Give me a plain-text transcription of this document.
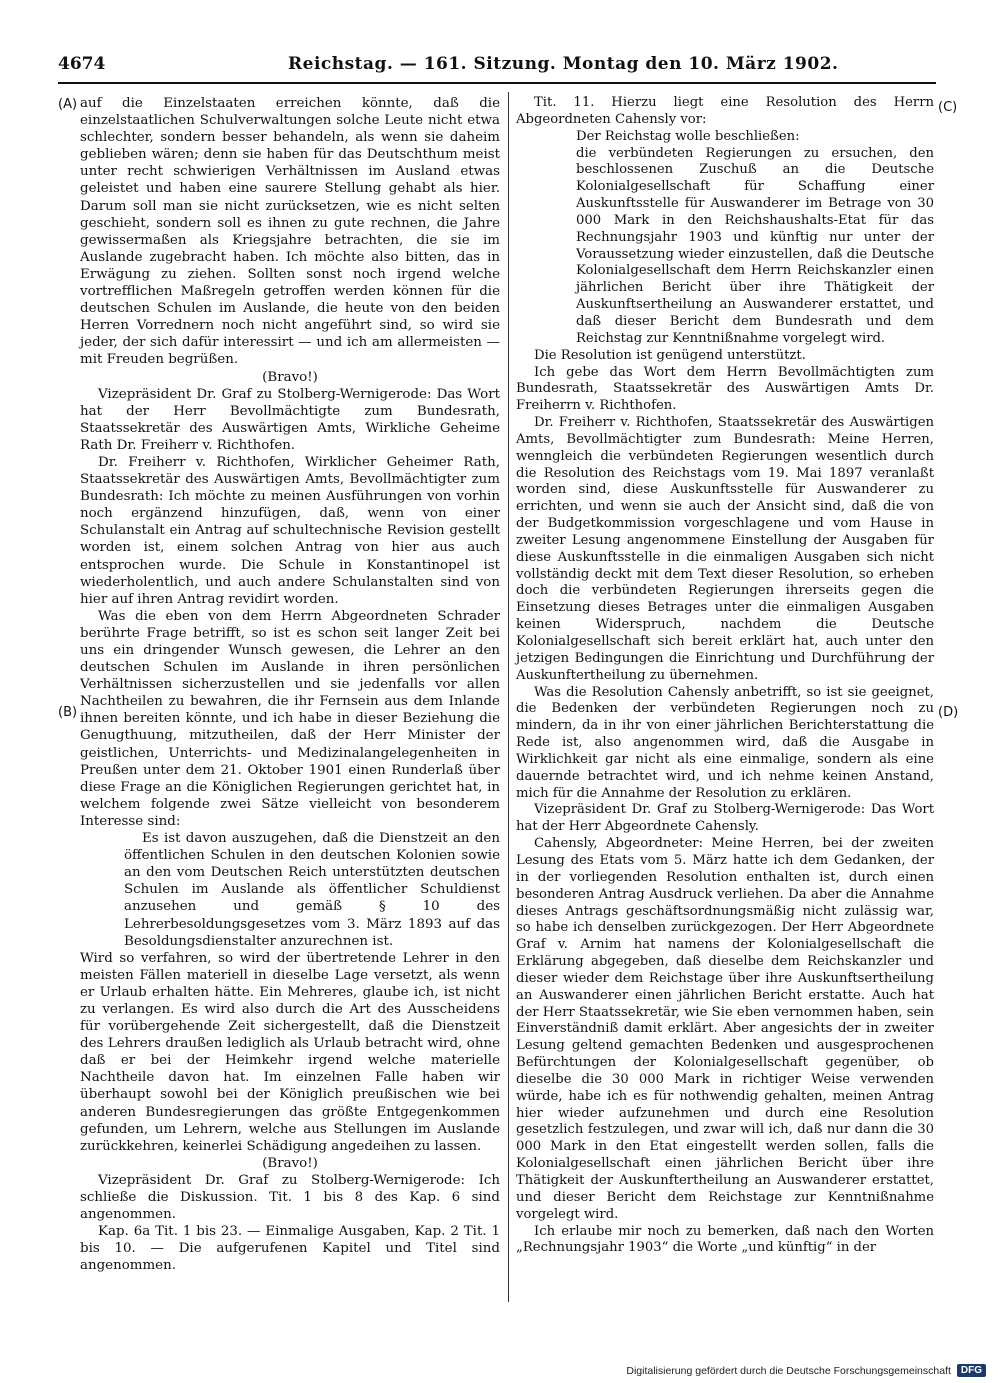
4674	Reichstag. — 161. Sitzung. Montag den 10. März 1902.
(A)
(B)
(C)
(D)

auf die Einzelstaaten erreichen könnte, daß die einzelstaatlichen Schulverwaltungen solche Leute nicht etwa schlechter, sondern besser behandeln, als wenn sie daheim geblieben wären; denn sie haben für das Deutschthum meist unter recht schwierigen Verhältnissen im Ausland etwas geleistet und haben eine saurere Stellung gehabt als hier. Darum soll man sie nicht zurücksetzen, wie es nicht selten geschieht, sondern soll es ihnen zu gute rechnen, die Jahre gewissermaßen als Kriegsjahre betrachten, die sie im Auslande zugebracht haben. Ich möchte also bitten, das in Erwägung zu ziehen. Sollten sonst noch irgend welche vortrefflichen Maßregeln getroffen werden können für die deutschen Schulen im Auslande, die heute von den beiden Herren Vorrednern noch nicht angeführt sind, so wird sie jeder, der sich dafür interessirt — und ich am allermeisten — mit Freuden begrüßen.

(Bravo!)

Vizepräsident Dr. Graf zu Stolberg-Wernigerode: Das Wort hat der Herr Bevollmächtigte zum Bundesrath, Staatssekretär des Auswärtigen Amts, Wirkliche Geheime Rath Dr. Freiherr v. Richthofen.

Dr. Freiherr v. Richthofen, Wirklicher Geheimer Rath, Staatssekretär des Auswärtigen Amts, Bevollmächtigter zum Bundesrath: Ich möchte zu meinen Ausführungen von vorhin noch ergänzend hinzufügen, daß, wenn von einer Schulanstalt ein Antrag auf schultechnische Revision gestellt worden ist, einem solchen Antrag von hier aus auch entsprochen wurde. Die Schule in Konstantinopel ist wiederholentlich, und auch andere Schulanstalten sind von hier auf ihren Antrag revidirt worden.

Was die eben von dem Herrn Abgeordneten Schrader berührte Frage betrifft, so ist es schon seit langer Zeit bei uns ein dringender Wunsch gewesen, die Lehrer an den deutschen Schulen im Auslande in ihren persönlichen Verhältnissen sicherzustellen und sie jedenfalls vor allen Nachtheilen zu bewahren, die ihr Fernsein aus dem Inlande ihnen bereiten könnte, und ich habe in dieser Beziehung die Genugthuung, mitzutheilen, daß der Herr Minister der geistlichen, Unterrichts- und Medizinalangelegenheiten in Preußen unter dem 21. Oktober 1901 einen Runderlaß über diese Frage an die Königlichen Regierungen gerichtet hat, in welchem folgende zwei Sätze vielleicht von besonderem Interesse sind:

Es ist davon auszugehen, daß die Dienstzeit an den öffentlichen Schulen in den deutschen Kolonien sowie an den vom Deutschen Reich unterstützten deutschen Schulen im Auslande als öffentlicher Schuldienst anzusehen und gemäß § 10 des Lehrerbesoldungsgesetzes vom 3. März 1893 auf das Besoldungsdienstalter anzurechnen ist.

Wird so verfahren, so wird der übertretende Lehrer in den meisten Fällen materiell in dieselbe Lage versetzt, als wenn er Urlaub erhalten hätte. Ein Mehreres, glaube ich, ist nicht zu verlangen. Es wird also durch die Art des Ausscheidens für vorübergehende Zeit sichergestellt, daß die Dienstzeit des Lehrers draußen lediglich als Urlaub betracht wird, ohne daß er bei der Heimkehr irgend welche materielle Nachtheile davon hat. Im einzelnen Falle haben wir überhaupt sowohl bei der Königlich preußischen wie bei anderen Bundesregierungen das größte Entgegenkommen gefunden, um Lehrern, welche aus Stellungen im Auslande zurückkehren, keinerlei Schädigung angedeihen zu lassen.

(Bravo!)

Vizepräsident Dr. Graf zu Stolberg-Wernigerode: Ich schließe die Diskussion. Tit. 1 bis 8 des Kap. 6 sind angenommen.

Kap. 6a Tit. 1 bis 23. — Einmalige Ausgaben, Kap. 2 Tit. 1 bis 10. — Die aufgerufenen Kapitel und Titel sind angenommen.

Tit. 11. Hierzu liegt eine Resolution des Herrn Abgeordneten Cahensly vor:

Der Reichstag wolle beschließen:

die verbündeten Regierungen zu ersuchen, den beschlossenen Zuschuß an die Deutsche Kolonialgesellschaft für Schaffung einer Auskunftsstelle für Auswanderer im Betrage von 30 000 Mark in den Reichshaushalts-Etat für das Rechnungsjahr 1903 und künftig nur unter der Voraussetzung wieder einzustellen, daß die Deutsche Kolonialgesellschaft dem Herrn Reichskanzler einen jährlichen Bericht über ihre Thätigkeit der Auskunftsertheilung an Auswanderer erstattet, und daß dieser Bericht dem Bundesrath und dem Reichstag zur Kenntnißnahme vorgelegt wird.

Die Resolution ist genügend unterstützt.

Ich gebe das Wort dem Herrn Bevollmächtigten zum Bundesrath, Staatssekretär des Auswärtigen Amts Dr. Freiherrn v. Richthofen.

Dr. Freiherr v. Richthofen, Staatssekretär des Auswärtigen Amts, Bevollmächtigter zum Bundesrath: Meine Herren, wenngleich die verbündeten Regierungen wesentlich durch die Resolution des Reichstags vom 19. Mai 1897 veranlaßt worden sind, diese Auskunftsstelle für Auswanderer zu errichten, und wenn sie auch der Ansicht sind, daß die von der Budgetkommission vorgeschlagene und vom Hause in zweiter Lesung angenommene Einstellung der Ausgaben für diese Auskunftsstelle in die einmaligen Ausgaben sich nicht vollständig deckt mit dem Text dieser Resolution, so erheben doch die verbündeten Regierungen ihrerseits gegen die Einsetzung dieses Betrages unter die einmaligen Ausgaben keinen Widerspruch, nachdem die Deutsche Kolonialgesellschaft sich bereit erklärt hat, auch unter den jetzigen Bedingungen die Einrichtung und Durchführung der Auskunftertheilung zu übernehmen.

Was die Resolution Cahensly anbetrifft, so ist sie geeignet, die Bedenken der verbündeten Regierungen noch zu mindern, da in ihr von einer jährlichen Berichterstattung die Rede ist, also angenommen wird, daß die Ausgabe in Wirklichkeit gar nicht als eine einmalige, sondern als eine dauernde betrachtet wird, und ich nehme keinen Anstand, mich für die Annahme der Resolution zu erklären.

Vizepräsident Dr. Graf zu Stolberg-Wernigerode: Das Wort hat der Herr Abgeordnete Cahensly.

Cahensly, Abgeordneter: Meine Herren, bei der zweiten Lesung des Etats vom 5. März hatte ich dem Gedanken, der in der vorliegenden Resolution enthalten ist, durch einen besonderen Antrag Ausdruck verliehen. Da aber die Annahme dieses Antrags geschäftsordnungsmäßig nicht zulässig war, so habe ich denselben zurückgezogen. Der Herr Abgeordnete Graf v. Arnim hat namens der Kolonialgesellschaft die Erklärung abgegeben, daß dieselbe dem Reichskanzler und dieser wieder dem Reichstage über ihre Auskunftsertheilung an Auswanderer einen jährlichen Bericht erstatte. Auch hat der Herr Staatssekretär, wie Sie eben vernommen haben, sein Einverständniß damit erklärt. Aber angesichts der in zweiter Lesung geltend gemachten Bedenken und ausgesprochenen Befürchtungen der Kolonialgesellschaft gegenüber, ob dieselbe die 30 000 Mark in richtiger Weise verwenden würde, habe ich es für nothwendig gehalten, meinen Antrag hier wieder aufzunehmen und durch eine Resolution gesetzlich festzulegen, und zwar will ich, daß nur dann die 30 000 Mark in den Etat eingestellt werden sollen, falls die Kolonialgesellschaft einen jährlichen Bericht über ihre Thätigkeit der Auskunftertheilung an Auswanderer erstattet, und dieser Bericht dem Reichstage zur Kenntnißnahme vorgelegt wird.

Ich erlaube mir noch zu bemerken, daß nach den Worten „Rechnungsjahr 1903“ die Worte „und künftig“ in der

Digitalisierung gefördert durch die Deutsche Forschungsgemeinschaft	DFG
